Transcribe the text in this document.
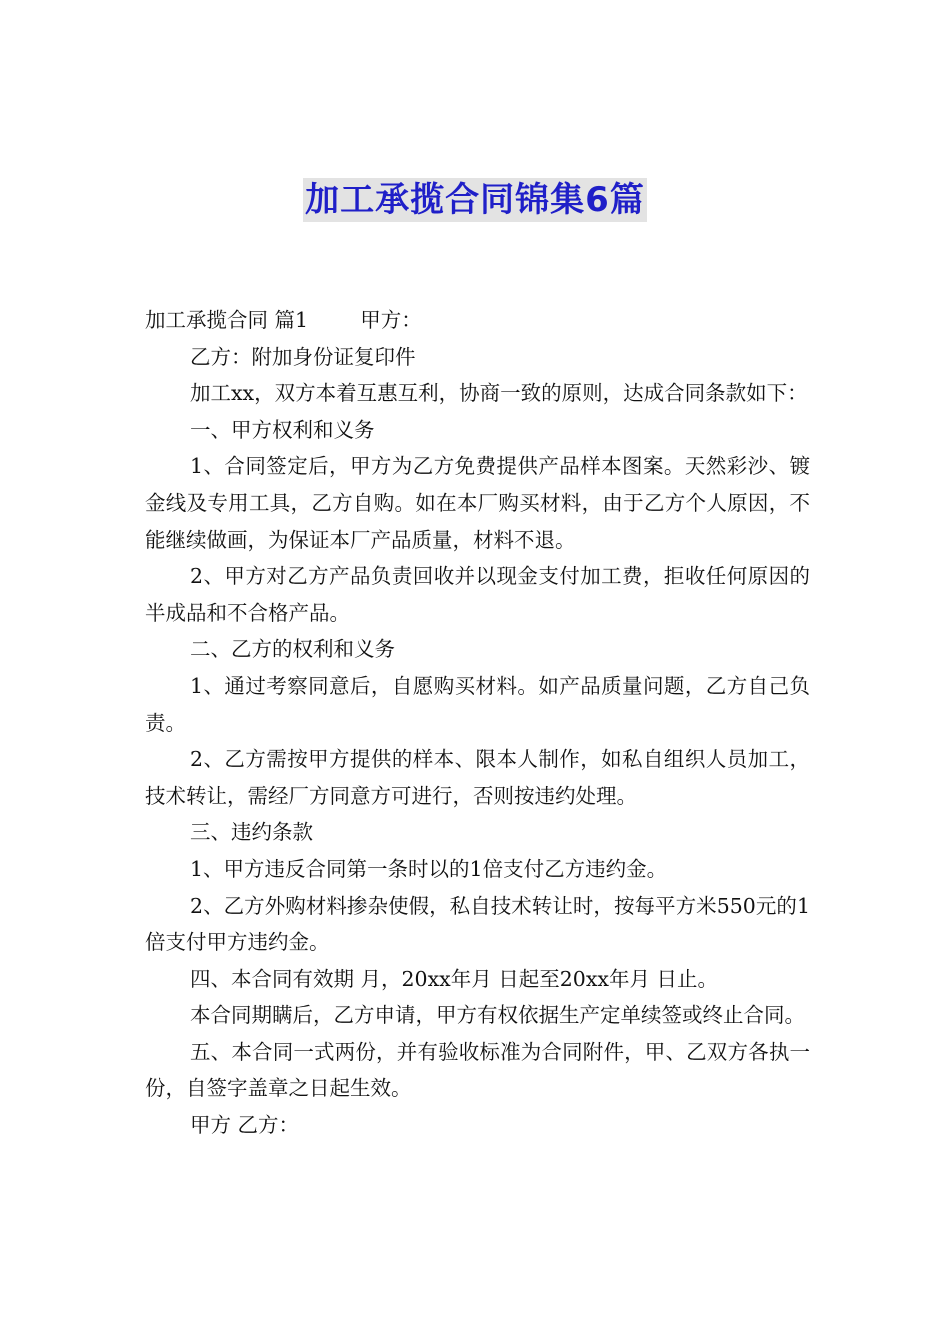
加工承揽合同锦集6篇

加工承揽合同 篇1        甲方：

乙方：附加身份证复印件

加工xx，双方本着互惠互利，协商一致的原则，达成合同条款如下：

一、甲方权利和义务

1、合同签定后，甲方为乙方免费提供产品样本图案。天然彩沙、镀金线及专用工具，乙方自购。如在本厂购买材料，由于乙方个人原因，不能继续做画，为保证本厂产品质量，材料不退。

2、甲方对乙方产品负责回收并以现金支付加工费，拒收任何原因的半成品和不合格产品。

二、乙方的权利和义务

1、通过考察同意后，自愿购买材料。如产品质量问题，乙方自己负责。

2、乙方需按甲方提供的样本、限本人制作，如私自组织人员加工，技术转让，需经厂方同意方可进行，否则按违约处理。

三、违约条款

1、甲方违反合同第一条时以的1倍支付乙方违约金。

2、乙方外购材料掺杂使假，私自技术转让时，按每平方米550元的1倍支付甲方违约金。

四、本合同有效期 月，20xx年月 日起至20xx年月 日止。

本合同期瞒后，乙方申请，甲方有权依据生产定单续签或终止合同。

五、本合同一式两份，并有验收标准为合同附件，甲、乙双方各执一份，自签字盖章之日起生效。

甲方 乙方：
